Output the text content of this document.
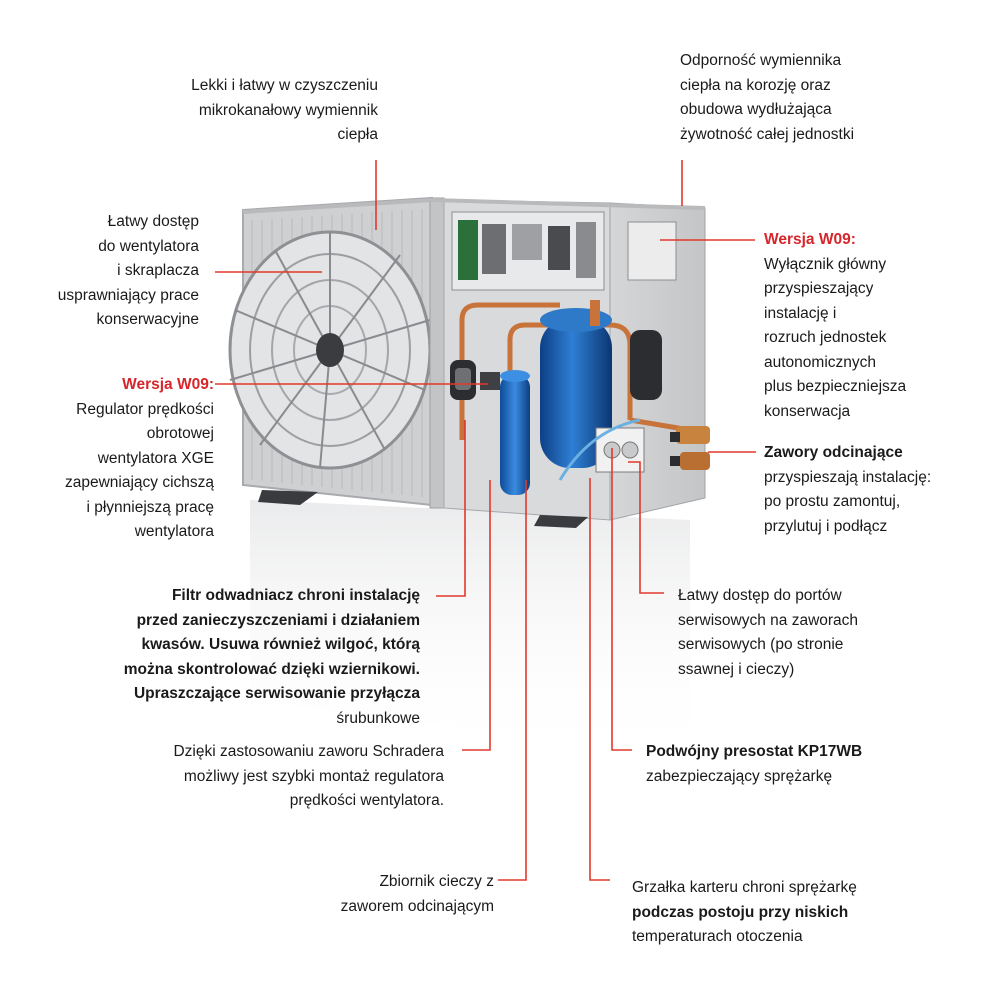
Lekki i łatwy w czyszczeniu
mikrokanałowy wymiennik
ciepła
Odporność wymiennika
ciepła na korozję oraz
obudowa wydłużająca
żywotność całej jednostki
Łatwy dostęp
do wentylatora
i skraplacza
usprawniający prace
konserwacyjne
Wersja W09:
Wyłącznik główny
przyspieszający
instalację i
rozruch jednostek
autonomicznych
plus bezpieczniejsza
konserwacja
Wersja W09:
Regulator prędkości
obrotowej
wentylatora XGE
zapewniający cichszą
i płynniejszą pracę
wentylatora
Zawory odcinające
przyspieszają instalację:
po prostu zamontuj,
przylutuj i podłącz
Filtr odwadniacz chroni instalację
przed zanieczyszczeniami i działaniem
kwasów. Usuwa również wilgoć, którą
można skontrolować dzięki wziernikowi.
Upraszczające serwisowanie przyłącza
śrubunkowe
Łatwy dostęp do portów
serwisowych na zaworach
serwisowych (po stronie
ssawnej i cieczy)
Dzięki zastosowaniu zaworu Schradera
możliwy jest szybki montaż regulatora
prędkości wentylatora.
Podwójny presostat KP17WB
zabezpieczający sprężarkę
Zbiornik cieczy z
zaworem odcinającym
Grzałka karteru chroni sprężarkę
podczas postoju przy niskich
temperaturach otoczenia
